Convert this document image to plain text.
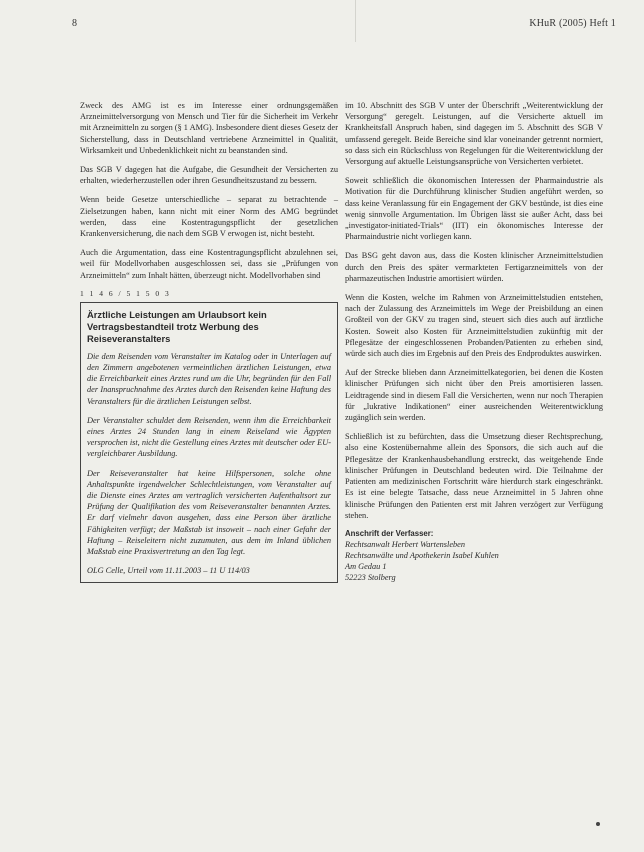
8	KHuR (2005) Heft 1

Zweck des AMG ist es im Interesse einer ordnungsgemäßen Arzneimittelversorgung von Mensch und Tier für die Sicherheit im Verkehr mit Arzneimitteln zu sorgen (§ 1 AMG). Insbesondere dient dieses Gesetz der Sicherstellung, dass in Deutschland vertriebene Arzneimittel in Qualität, Wirksamkeit und Unbedenklichkeit nicht zu beanstanden sind.

Das SGB V dagegen hat die Aufgabe, die Gesundheit der Versicherten zu erhalten, wiederherzustellen oder ihren Gesundheitszustand zu bessern.

Wenn beide Gesetze unterschiedliche – separat zu betrachtende – Zielsetzungen haben, kann nicht mit einer Norm des AMG begründet werden, dass eine Kostentragungspflicht der gesetzlichen Krankenversicherung, die nach dem SGB V erwogen ist, nicht besteht.

Auch die Argumentation, dass eine Kostentragungspflicht abzulehnen sei, weil für Modellvorhaben ausgeschlossen sei, dass sie „Prüfungen von Arzneimitteln“ zum Inhalt hätten, überzeugt nicht. Modellvorhaben sind

1 1 4 6 / 5 1 5 0 3
Ärztliche Leistungen am Urlaubsort kein Vertragsbestandteil trotz Werbung des Reiseveranstalters

Die dem Reisenden vom Veranstalter im Katalog oder in Unterlagen auf den Zimmern angebotenen vermeintlichen ärztlichen Leistungen, etwa die Erreichbarkeit eines Arztes rund um die Uhr, begründen für den Fall der Inanspruchnahme des Arztes durch den Reisenden keine Haftung des Veranstalters für die ärztlichen Leistungen selbst.

Der Veranstalter schuldet dem Reisenden, wenn ihm die Erreichbarkeit eines Arztes 24 Stunden lang in einem Reiseland wie Ägypten versprochen ist, nicht die Gestellung eines Arztes mit deutscher oder EU-vergleichbarer Ausbildung.

Der Reiseveranstalter hat keine Hilfspersonen, solche ohne Anhaltspunkte irgendwelcher Schlechtleistungen, vom Veranstalter auf die Dienste eines Arztes am vertraglich versicherten Aufenthaltsort zur Prüfung der Qualifikation des vom Reiseveranstalter benannten Arztes. Er darf vielmehr davon ausgehen, dass eine Person über ärztliche Fähigkeiten verfügt; der Maßstab ist insoweit – nach einer Gefahr der Haftung – Reiseleitern nicht zuzumuten, aus dem im Inland üblichen Maßstab eine Praxisvertretung an den Tag legt.

OLG Celle, Urteil vom 11.11.2003 – 11 U 114/03

im 10. Abschnitt des SGB V unter der Überschrift „Weiterentwicklung der Versorgung“ geregelt. Leistungen, auf die Versicherte aktuell im Krankheitsfall Anspruch haben, sind dagegen im 5. Abschnitt des SGB V umfassend geregelt. Beide Bereiche sind klar voneinander getrennt normiert, so dass sich ein Rückschluss von Regelungen für die Weiterentwicklung der Versorgung auf aktuelle Leistungsansprüche von Versicherten verbietet.

Soweit schließlich die ökonomischen Interessen der Pharmaindustrie als Motivation für die Durchführung klinischer Studien angeführt werden, so dass keine Veranlassung für ein Engagement der GKV bestünde, ist dies eine wenig sinnvolle Argumentation. Im Übrigen lässt sie außer Acht, dass bei „investigator-initiated-Trials“ (IIT) ein ökonomisches Interesse der Pharmaindustrie nicht vorliegen kann.

Das BSG geht davon aus, dass die Kosten klinischer Arzneimittelstudien durch den Preis des später vermarkteten Fertigarzneimittels von der pharmazeutischen Industrie amortisiert würden.

Wenn die Kosten, welche im Rahmen von Arzneimittelstudien entstehen, nach der Zulassung des Arzneimittels im Wege der Preisbildung an einen Großteil von der GKV zu tragen sind, steuert sich dies auch auf ärztliche Kosten. Soweit also Kosten für Arzneimittelstudien zukünftig mit der Pflegesätze der eingeschlossenen Probanden/Patienten zu erheben sind, würde sich auch dies im Ergebnis auf den Preis des Endproduktes auswirken.

Auf der Strecke blieben dann Arzneimittelkategorien, bei denen die Kosten klinischer Prüfungen sich nicht über den Preis amortisieren lassen. Leidtragende sind in diesem Fall die Versicherten, wenn nur noch Therapien für „lukrative Indikationen“ einer ausreichenden Weiterentwicklung zugänglich sein werden.

Schließlich ist zu befürchten, dass die Umsetzung dieser Rechtsprechung, also eine Kostenübernahme allein des Sponsors, die sich auch auf die Pflegesätze der Krankenhausbehandlung erstreckt, das weitgehende Ende klinischer Prüfungen in Deutschland bedeuten wird. Die Teilnahme der Patienten am medizinischen Fortschritt wäre hierdurch stark eingeschränkt. Es ist eine belegte Tatsache, dass neue Arzneimittel in 5 Jahren ohne klinische Prüfungen den Patienten erst mit Jahren verzögert zur Verfügung stehen.

Anschrift der Verfasser:
Rechtsanwalt Herbert Wartensleben
Rechtsanwälte und Apothekerin Isabel Kuhlen
Am Gedau 1
52223 Stolberg
